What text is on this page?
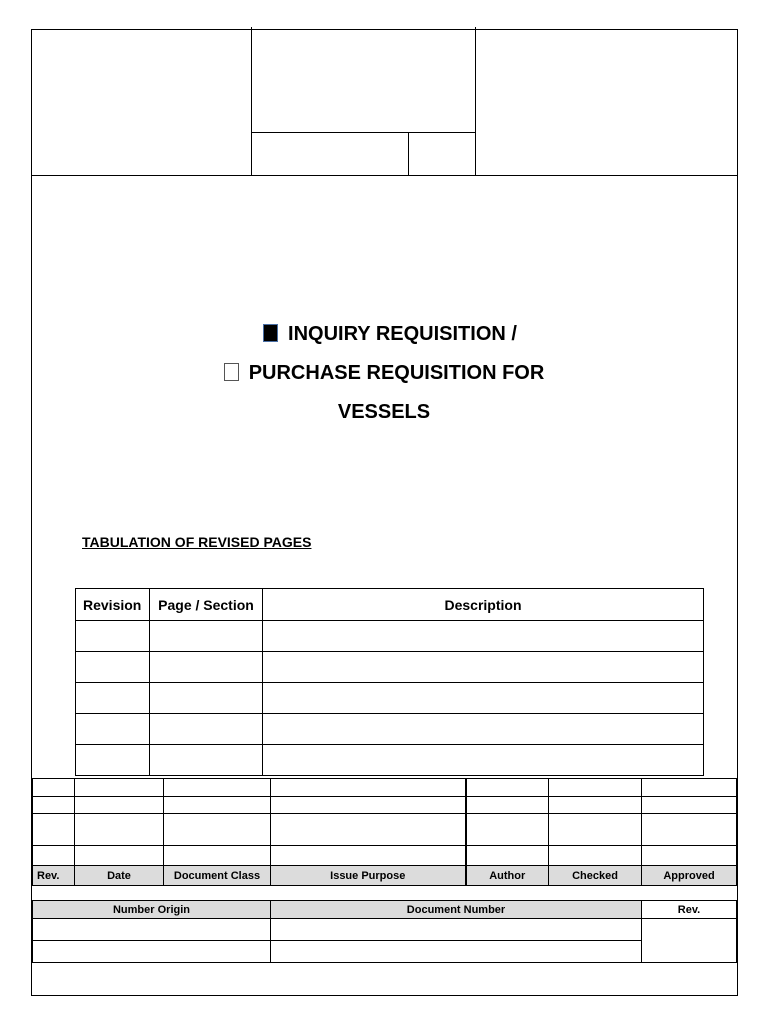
INQUIRY REQUISITION /
PURCHASE REQUISITION FOR
VESSELS
TABULATION OF REVISED PAGES
Revision	Page / Section	Description

Rev.	Date	Document Class	Issue Purpose	Author	Checked	Approved
Number Origin	Document Number	Rev.
